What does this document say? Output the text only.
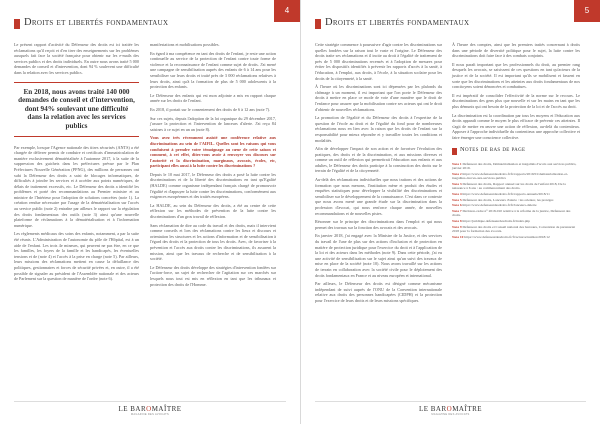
4
Droits et libertés fondamentaux

Le présent rapport d'activité du Défenseur des droits est ici traitée les réclamations qu'il reçoit et d'en tirer des enseignements sur les problèmes auxquels fait face la société française pour obtenir sur les e-mails des services publics et des droits individuels. En outre nous avons traité 5 000 demandes de conseil et d'intervention, dont 94 % soulevent une difficulté dans la relation avec les services publics.

En 2018, nous avons traité 140 000 demandes de conseil et d'intervention, dont 94% soulevant une difficulté dans la relation avec les services publics

Par exemple, lorsque l'Agence nationale des titres sécurisés (ANTS) a été chargée de délivrer permis de conduire et certificats d'immatriculation de manière exclusivement dématérialisée à l'automne 2017, à la suite de la suppression des guichets dans les préfectures prévue par le Plan Préfectures Nouvelle Génération (PPNG), des millions de personnes ont subi la Défenseur des droits a saisi de blocages informatiques, de difficultés à joindre les services et à accéder aux points numériques, de délais de traitement excessifs, etc. Le Défenseur des droits a identifié les problèmes et porté des recommandations au Premier ministre et au ministre de l'Intérieur pour l'adoption de solutions concrètes (note 1). La création rendue nécessaire par l'usage de la dématérialisation sur l'accès au service public (note 2) entraîne par ailleurs le rapport sur la régulation des droits fondamentaux des outils (note 3) ainsi qu'une nouvelle plateforme de réclamations à la dématérialisation et à l'information numérique.

Les règlements médicaux des soins des enfants, notamment, a par la suite été réunis. L'Administration de l'autonomie du pôle de l'Hôpital, est à un aide de l'enfant. Les trois 4e mineurs, qui peuvent ne pas être, en ce que les familles, les foyers de la famille et les handicapés, les éventuelles tensions et de (note 4) et l'accès à la prise en charge (note 5). Par ailleurs, leurs missions des réclamations mettent en cause la défaillance des politiques, gestionnaires et forces de sécurité privées et, en outre, il a été possible de signaler au président de l'Assemblée nationale et des acteurs de Parlement sur la question de manière de l'ordre (note 6).

manifestations et mobilisations possibles.

En égard à ma compétence en tant des droits de l'enfant, je reste une action continuelle au service de la protection de l'enfant contre toute forme de violence et la reconnaissance de l'enfant comme sujet de droits. J'ai mené une campagne de sensibilisation auprès des enfants de 6 à 14 ans pour les sensibiliser sur leurs droits et traité près de 3 000 réclamations relatives à leurs droits, ainsi qu'à la formation de plus de 5 000 adolescents à la protection des enfants.

Le Défenseur des enfants qui est mon adjointe a mis en rapport chaque année sur les droits de l'enfant.

En 2018, il portait sur le consentement des droits de 6 à 12 ans (note 7).

Sur ces sujets, depuis l'adoption de la loi organique du 29 décembre 2017, j'assure la protection et l'intervention de lanceurs d'alerte. J'ai reçu 84 saisines à ce sujet en un an (note 8).

Vous avez très récemment assisté une conférence relative aux discriminations au sein de l'AIFIL. Quelles sont les raisons qui vous conduisent à prendre votre témoignage au cœur de cette saison et comment, à cet effet, dites-vous avoir à renvoyer vos discours sur l'autorité et la discrimination, marginaux, avocats, écoles, etc, participant elles aussi à la lutte contre les discriminations ?

Depuis le 10 mai 2017, le Défenseur des droits a posé la lutte contre les discriminations et de la liberté des discriminations en tant qu'Egalité (HALDE) comme organisme indépendant français chargé de promouvoir l'égalité et d'appuyer la lutte contre les discriminations, conformément aux exigences européennes et des traités européens.

La HALDE, au sein du Défenseur des droits, a été au centre de cette réflexion sur les méthodes de prévention de la lutte contre les discriminations d'un gros travail de réflexion.

Sans réclamation de dire au code du travail et des droits, mais il intervient comme conseils et lors des réclamations contre les lieux et discours et orientation les structures et les actions d'information et de sensibilisation à l'égard des droits et la protection de tous les droits. Avec, de favoriser à la prévention et l'accès aux droits contre les discriminations, ils assurent la mission, ainsi que les travaux de recherche et de sensibilisation à la société.

Le Défenseur des droits développe des stratégies d'intervention fondées sur l'action-force, un sujet de rechercher de l'agitation sur ces marchés sur lesquels nous tout est mis en réflexion en tant que les tribunaux et protection des droits de l'Homme.

LE BAROMAÎTRE
MAGAZINE DES AVOCATS
5
Droits et libertés fondamentaux

Cette stratégie commence à poursuivre d'agir contre les discriminations sur quelles fondées sur la raison tout le vaste et l'origine. Le Défenseur des droits traite ses réclamations et il incite au droit à l'égalité de traitement de près de 5 000 discriminations recensés et à l'adoption de mesures pour éviter les dispositifs identifiés à prévenir les rapports d'accès à la santé, à l'éducation, à l'emploi, aux droits, à l'école, à la situation scolaire pour les droits de la citoyenneté, à la santé.

À l'heure où les discriminations sont ici dépensées par les plafonds du chômage à un moment, il est important que l'on porte le Défenseur des droits à mettre en place ce mode de vote d'une manière que le droit de l'enfance pour assurer que la mobilisation contre ses acteurs qui ont le droit d'obtenir de nouvelles réclamations.

La promotion de l'égalité et du Défenseur des droits à l'expertise de la question de l'école au droit et de l'égalité du fond pour de nombreuses réclamations nous en lien avec la raison que les droits de l'enfant sur la responsabilité pour mieux répondre et y travailler toutes les conditions et modalités.

Afin de développer l'impact de son action et de favoriser l'évolution des pratiques, des droits et de la discrimination, et aux missions diverses et comme un outil de réflexion qui permettrait l'éducation aux enfants et aux adultes, le Défenseur des droits participe à la construction des droits sur le terrain de l'égalité et de la citoyenneté.

Au-delà des réclamations individuelles que nous traitons et des actions de formation que nous menons, l'institution mène et produit des études et enquêtes statistiques pour développer la visibilité des discriminations et sensibiliser sur le développement de la connaissance. C'est dans ce contexte que nous avons mené une grande étude sur la discrimination dans la profession d'avocat, qui nous renforce chaque année, de nouvelles recommandations et de nouvelles pistes.

Résonner sur le principe des discriminations dans l'emploi et qui nous permet des travaux sur la fonction des avocats et des avocats.

En janvier 2018, j'ai engagé avec la Ministre de la Justice, et des services du travail de l'une de plus sur des actions d'inclusion et de protection en matière de protection juridique pour l'exercice du droit et à l'application de la loi et des acteurs dans les méthodes (note 9). Dans cette période, j'ai eu une activité de sensibilisation sur le sujet ainsi qu'un suivi des travaux de mise en place de la société (note 10). Nous avons travaillé sur les actions de terrain en collaboration avec la société civile pour le déploiement des droits fondamentaux en France et au niveau européen et international.

Par ailleurs, le Défenseur des droits est désigné comme mécanisme indépendant de suivi auprès de l'ONU de la Convention internationale relative aux droits des personnes handicapées (CIDPH) et la protection pour l'exercice de leurs droits et de leurs missions spécifiques.

À l'heure des comptes, ainsi que les premiers traités concernant à droits dans une période de diversité politique pour le sujet, la lutte contre les discriminations doit faire face à des combats conjoints.

Il nous paraît important que les professionnels du droit, au premier rang desquels les avocats, se saisissent de ces questions en tant qu'acteurs de la justice et de la société. Il est important qu'ils se mobilisent et fassent en sorte que les discriminations et les atteintes aux droits fondamentaux de nos concitoyens soient dénoncées et combattues.

Il est impératif de consolider l'effectivité de la norme sur le recours. Le discriminations des gens plus que nouvelle et sur les mains en tant que les plus démunis qui ont besoin de la protection de la loi et de l'accès au droit.

La discrimination est la coordination par tous les moyens et l'éducation aux droits apparaît comme le moyen le plus efficace de prévenir ces atteintes. Il s'agit de mettre en œuvre une action de réflexion, au-delà du contentieux. Apposer à l'approche individuelle du contentieux une approche collective et faire émerger une conscience collective.

Notes de bas de page
Note 1 Défenseur des droits, Dématérialisation et inégalités d'accès aux services publics, janvier 2019.
Note 2 https://www.defenseurdesdroits.fr/fr/rapports/2019/01/dematerialisation-et-inegalites-dacces-aux-services-publics
Note 3 Défenseur des droits, Rapport annuel sur les droits de l'enfant 2018, De la naissance à 6 ans : au commencement des droits.
Note 4 https://www.defenseurdesdroits.fr/fr/rapports-annuels/2018/11
Note 5 Défenseur des droits, Lanceurs d'alerte : les orienter, les protéger.
Note 6 https://www.defenseurdesdroits.fr/fr/lanceurs-dalerte
Note 7 Décision-cadre n° 2018-010 relative à la réforme de la justice, Défenseur des droits.
Note 8 https://juridique.defenseurdesdroits.fr/index.php
Note 9 Défenseur des droits et Conseil national des barreaux, Convention de partenariat 2018 pour la formation des avocats.
Note 10 https://www.defenseurdesdroits.fr/fr/actus/actualites/2018/12
LE BAROMAÎTRE
MAGAZINE DES AVOCATS
